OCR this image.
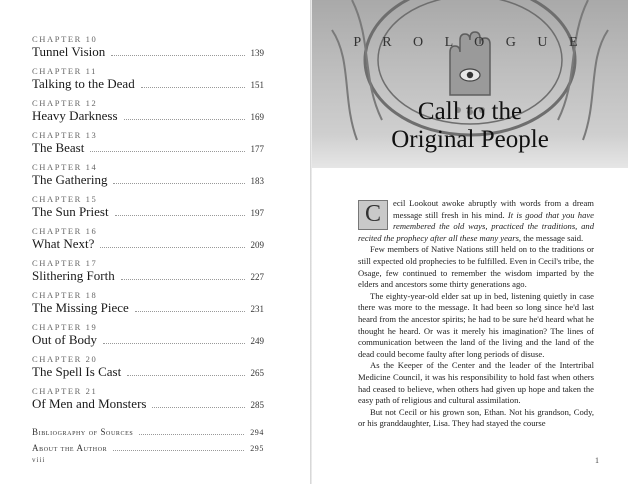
CHAPTER 10
Tunnel Vision	139
CHAPTER 11
Talking to the Dead	151
CHAPTER 12
Heavy Darkness	169
CHAPTER 13
The Beast	177
CHAPTER 14
The Gathering	183
CHAPTER 15
The Sun Priest	197
CHAPTER 16
What Next?	209
CHAPTER 17
Slithering Forth	227
CHAPTER 18
The Missing Piece	231
CHAPTER 19
Out of Body	249
CHAPTER 20
The Spell Is Cast	265
CHAPTER 21
Of Men and Monsters	285
Bibliography of Sources	294
About the Author	295
viii
P R O L O G U E
Call to the
Original People

C	ecil Lookout awoke abruptly with words from a dream message still fresh in his mind. It is good that you have remembered the old ways, practiced the traditions, and recited the prophecy after all these many years, the message said.

Few members of Native Nations still held on to the traditions or still expected old prophecies to be fulfilled. Even in Cecil's tribe, the Osage, few continued to remember the wisdom imparted by the elders and ancestors some thirty generations ago.

The eighty-year-old elder sat up in bed, listening quietly in case there was more to the message. It had been so long since he'd last heard from the ancestor spirits; he had to be sure he'd heard what he thought he heard. Or was it merely his imagination? The lines of communication between the land of the living and the land of the dead could become faulty after long periods of disuse.

As the Keeper of the Center and the leader of the Intertribal Medicine Council, it was his responsibility to hold fast when others had ceased to believe, when others had given up hope and taken the easy path of religious and cultural assimilation.

But not Cecil or his grown son, Ethan. Not his grandson, Cody, or his granddaughter, Lisa. They had stayed the course

1
